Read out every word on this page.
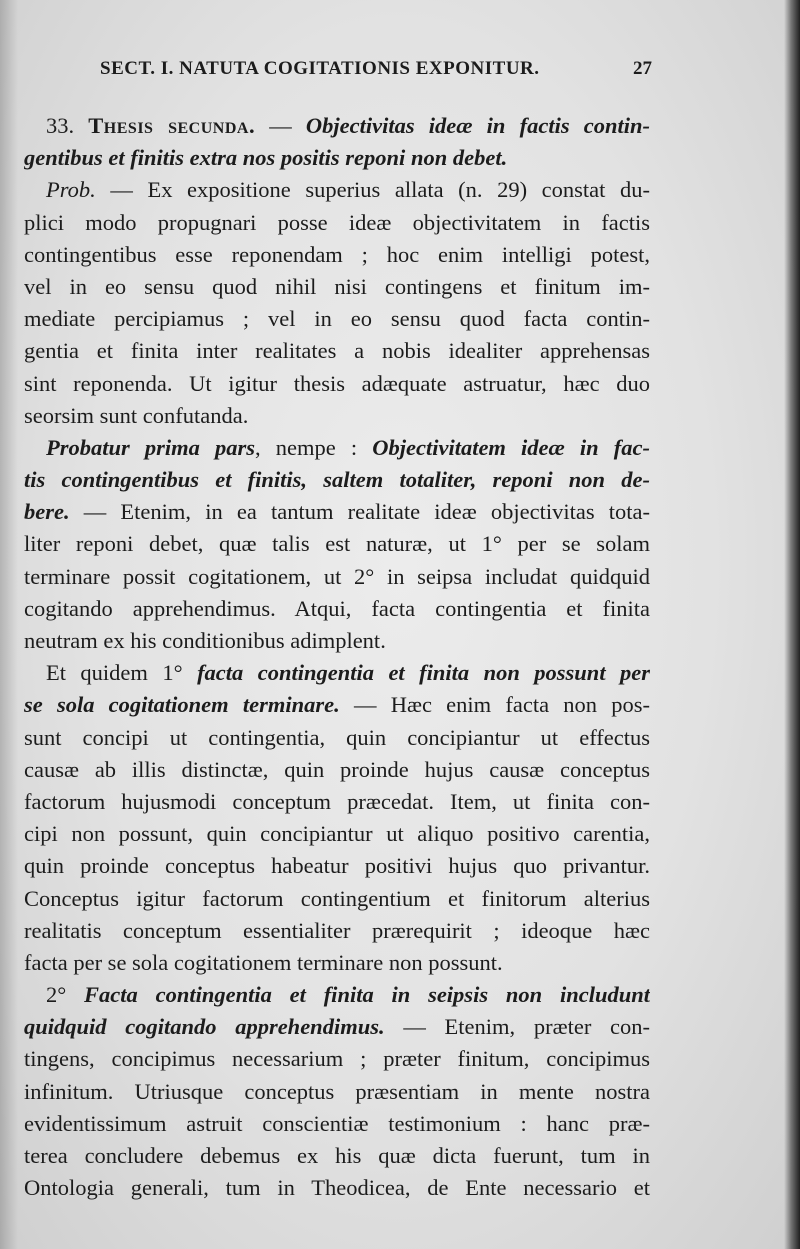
SECT. I. NATUTA COGITATIONIS EXPONITUR.	27
33. Thesis secunda. — Objectivitas ideæ in factis contin-
gentibus et finitis extra nos positis reponi non debet.
Prob. — Ex expositione superius allata (n. 29) constat du-
plici modo propugnari posse ideæ objectivitatem in factis
contingentibus esse reponendam ; hoc enim intelligi potest,
vel in eo sensu quod nihil nisi contingens et finitum im-
mediate percipiamus ; vel in eo sensu quod facta contin-
gentia et finita inter realitates a nobis idealiter apprehensas
sint reponenda. Ut igitur thesis adæquate astruatur, hæc duo
seorsim sunt confutanda.
Probatur prima pars, nempe : Objectivitatem ideæ in fac-
tis contingentibus et finitis, saltem totaliter, reponi non de-
bere. — Etenim, in ea tantum realitate ideæ objectivitas tota-
liter reponi debet, quæ talis est naturæ, ut 1° per se solam
terminare possit cogitationem, ut 2° in seipsa includat quidquid
cogitando apprehendimus. Atqui, facta contingentia et finita
neutram ex his conditionibus adimplent.
Et quidem 1° facta contingentia et finita non possunt per
se sola cogitationem terminare. — Hæc enim facta non pos-
sunt concipi ut contingentia, quin concipiantur ut effectus
causæ ab illis distinctæ, quin proinde hujus causæ conceptus
factorum hujusmodi conceptum præcedat. Item, ut finita con-
cipi non possunt, quin concipiantur ut aliquo positivo carentia,
quin proinde conceptus habeatur positivi hujus quo privantur.
Conceptus igitur factorum contingentium et finitorum alterius
realitatis conceptum essentialiter prærequirit ; ideoque hæc
facta per se sola cogitationem terminare non possunt.
2° Facta contingentia et finita in seipsis non includunt
quidquid cogitando apprehendimus. — Etenim, præter con-
tingens, concipimus necessarium ; præter finitum, concipimus
infinitum. Utriusque conceptus præsentiam in mente nostra
evidentissimum astruit conscientiæ testimonium : hanc præ-
terea concludere debemus ex his quæ dicta fuerunt, tum in
Ontologia generali, tum in Theodicea, de Ente necessario et
